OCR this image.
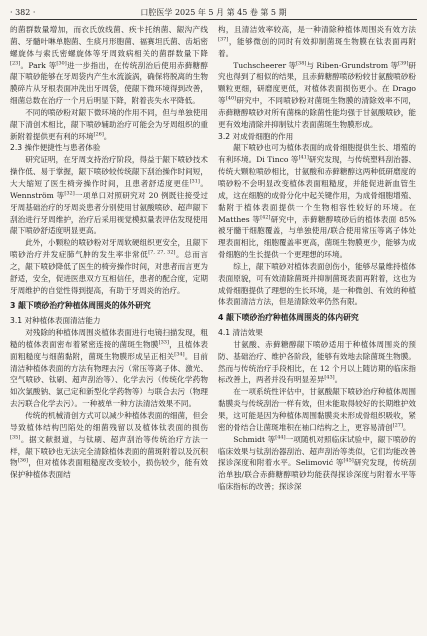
· 382 ·	口腔医学 2025 年 5 月 第 45 卷 第 5 期

的菌群数量增加，而衣氏放线菌、疾卡托纳菌、龈沟产线菌、牙髓叶啉单胞菌、生痰月形胞菌、福赛坦氏菌、齿垢密螺旋体与索氏密螺旋体等牙周致病相关的菌群数量下降[23]。Park 等[30]进一步指出，在传统刮治后使用赤藓糖醇龈下喷砂能够在牙周袋内产生水流漩涡，确保将脱离的生物膜碎片从牙根表面冲洗出牙周袋，使龈下微环境得到改善，细菌总数在治疗一个月后明显下降，附着丧失水平降低。

不同的喷砂粉对龈下微环境的作用不同，但与单独使用龈下清创术相比，龈下喷砂辅助治疗可能会为牙周组织的重新附着提供更有利的环境[26]。

2.3 操作便捷性与患者体验

研究证明，在牙周支持治疗阶段，得益于龈下喷砂技术操作低、易于掌握，龈下喷砂较传统龈下刮治操作时间短，大大缩短了医生椅旁操作时间，且患者舒适度更佳[31]。Wennström 等[32]一项单口对照研究对 20 例既往接受过牙周基础治疗的牙周炎患者分别使用甘氨酸喷砂、超声龈下刮治进行牙周维护，治疗后采用视觉模拟量表评估发现使用龈下喷砂舒适度明显更高。

此外，小颗粒的喷砂粉对牙周软硬组织更安全，且龈下喷砂治疗并发症肺气肿的发生率非常低[7, 27, 32]。总而言之，龈下喷砂降低了医生的椅旁操作时间，对患者而言更为舒适，安全，促进医患双方互相信任，患者的配合度，定期牙周维护的自觉性得到提高，有助于牙周炎的治疗。

3 龈下喷砂治疗种植体周围炎的体外研究
3.1 对种植体表面清洁能力

对残除的种植体周围炎植体表面进行电镜扫描发现，粗糙的植体表面密布着紧密连接的菌斑生物膜[33]，且植体表面粗糙度与细菌黏附，菌斑生物膜形成呈正相关[34]。目前清洁种植体表面的方法有物理去污（常压等离子体、激光、空气喷砂、钛刷、超声刮治等）、化学去污（传统化学药物如次氯酸钠、氯己定和新型化学药物等）与联合去污（物理去污联合化学去污）。一种被单一种方法清洁效果不同。

传统的机械清创方式可以减少种植体表面的细菌，但会导致植体结构凹陷处的细菌残留以及植体钛表面的损伤[35]。据文献报道，与钛刷、超声刮治等传统治疗方法一样，龈下喷砂也无法完全清除植体表面的菌斑附着以及沉积物[36]，但对植体表面粗糙度改变较小，损伤较少，能有效保护种植体表面结

构，且清洁效率较高，是一种清除种植体周围炎有效方法[37]，能够微创的同时有效抑制菌斑生物膜在钛表面再附着。

Tuchscheerer 等[38]与 Riben-Grundstrom 等[39]研究也得到了相似的结果，且赤藓糖醇喷砂粉较甘氨酸喷砂粉颗粒更细，研磨度更低，对植体表面损伤更小。在 Drago 等[40]研究中，不同喷砂粉对菌斑生物膜的清除效率不同，赤藓糖醇喷砂对所有菌株的除菌性能均强于甘氨酸喷砂，能更有效地清除并抑制钛片表面菌斑生物膜形成。

3.2 对成骨细胞的作用

龈下喷砂也可为植体表面的成骨细胞提供生长、增殖的有利环境。Di Tinco 等[41]研究发现，与传统塑料刮治器、传统大颗粒喷砂相比，甘氨酸和赤藓糖醇这两种低研磨度的喷砂粉不会明显改变植体表面粗糙度，并能促进新血管生成，这在细胞的成骨分化中起关键作用，为成骨细胞增殖、黏附于植体表面提供一个生物相容性较好的环境。在 Matthes 等[42]研究中，赤藓糖醇喷砂后的植体表面 85% 被牙髓干细胞覆盖，与单独使用/联合使用常压等离子体处理表面相比，细胞覆盖率更高，菌斑生物膜更少，能够为成骨细胞的生长提供一个更理想的环境。

综上，龈下喷砂对植体表面创伤小，能够尽量维持植体表面原貌，可有效清除菌斑并抑制菌斑表面再附着，这也为成骨细胞提供了理想的生长环境，是一种微创、有效的种植体表面清洁方法，但是清除效率仍然有限。

4 龈下喷砂治疗种植体周围炎的体内研究
4.1 清洁效果

甘氨酸、赤藓糖醇龈下喷砂适用于种植体周围炎的预防、基础治疗、维护各阶段，能够有效地去除菌斑生物膜。然而与传统治疗手段相比，在 12 个月以上随访期的临床指标改善上，两者并没有明显差异[43]。

在一项系统性评估中，甘氨酸龈下喷砂治疗种植体周围黏膜炎与传统刮治一样有效，但未能取得较好的长期维护效果，这可能是因为种植体周围黏膜炎未形成骨组织吸收，紧密的骨结合让菌斑堆积在袖口结构之上，更容易清创[27]。

Schmidt 等[44]一项随机对照临床试验中，龈下喷砂的临床效果与钛刮治器刮治、超声刮治等类似，它们均能改善探诊深度和附着水平。Selimović 等[45]研究发现，传统刮治单独/联合赤藓糖醇喷砂均能获得探诊深度与附着水平等临床指标的改善；探诊深
